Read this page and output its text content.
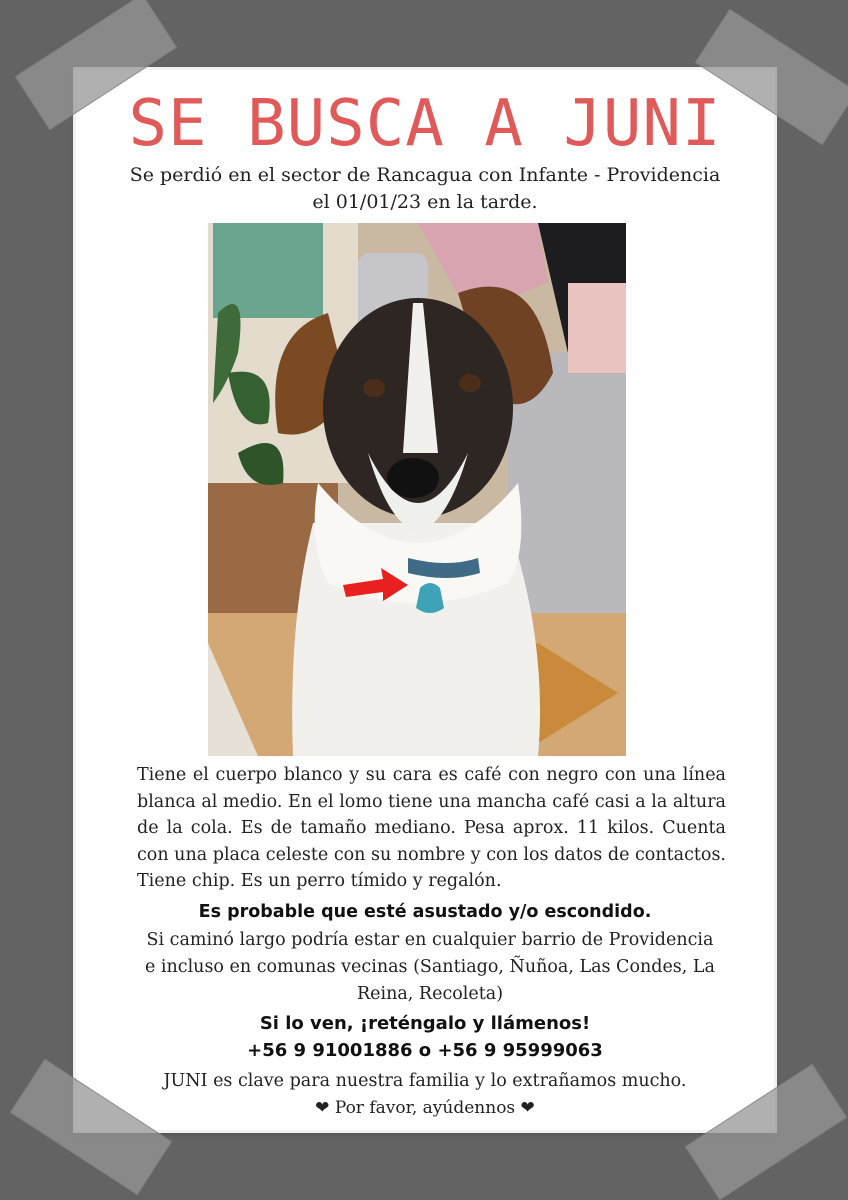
SE BUSCA A JUNI
Se perdió en el sector de Rancagua con Infante - Providencia
el 01/01/23 en la tarde.
Tiene el cuerpo blanco y su cara es café con negro con una línea blanca al medio. En el lomo tiene una mancha café casi a la altura de la cola. Es de tamaño mediano. Pesa aprox. 11 kilos. Cuenta con una placa celeste con su nombre y con los datos de contactos. Tiene chip. Es un perro tímido y regalón.
Es probable que esté asustado y/o escondido.
Si caminó largo podría estar en cualquier barrio de Providencia
e incluso en comunas vecinas (Santiago, Ñuñoa, Las Condes, La
Reina, Recoleta)
Si lo ven, ¡reténgalo y llámenos!
+56 9 91001886 o +56 9 95999063
JUNI es clave para nuestra familia y lo extrañamos mucho.
❤ Por favor, ayúdennos ❤
